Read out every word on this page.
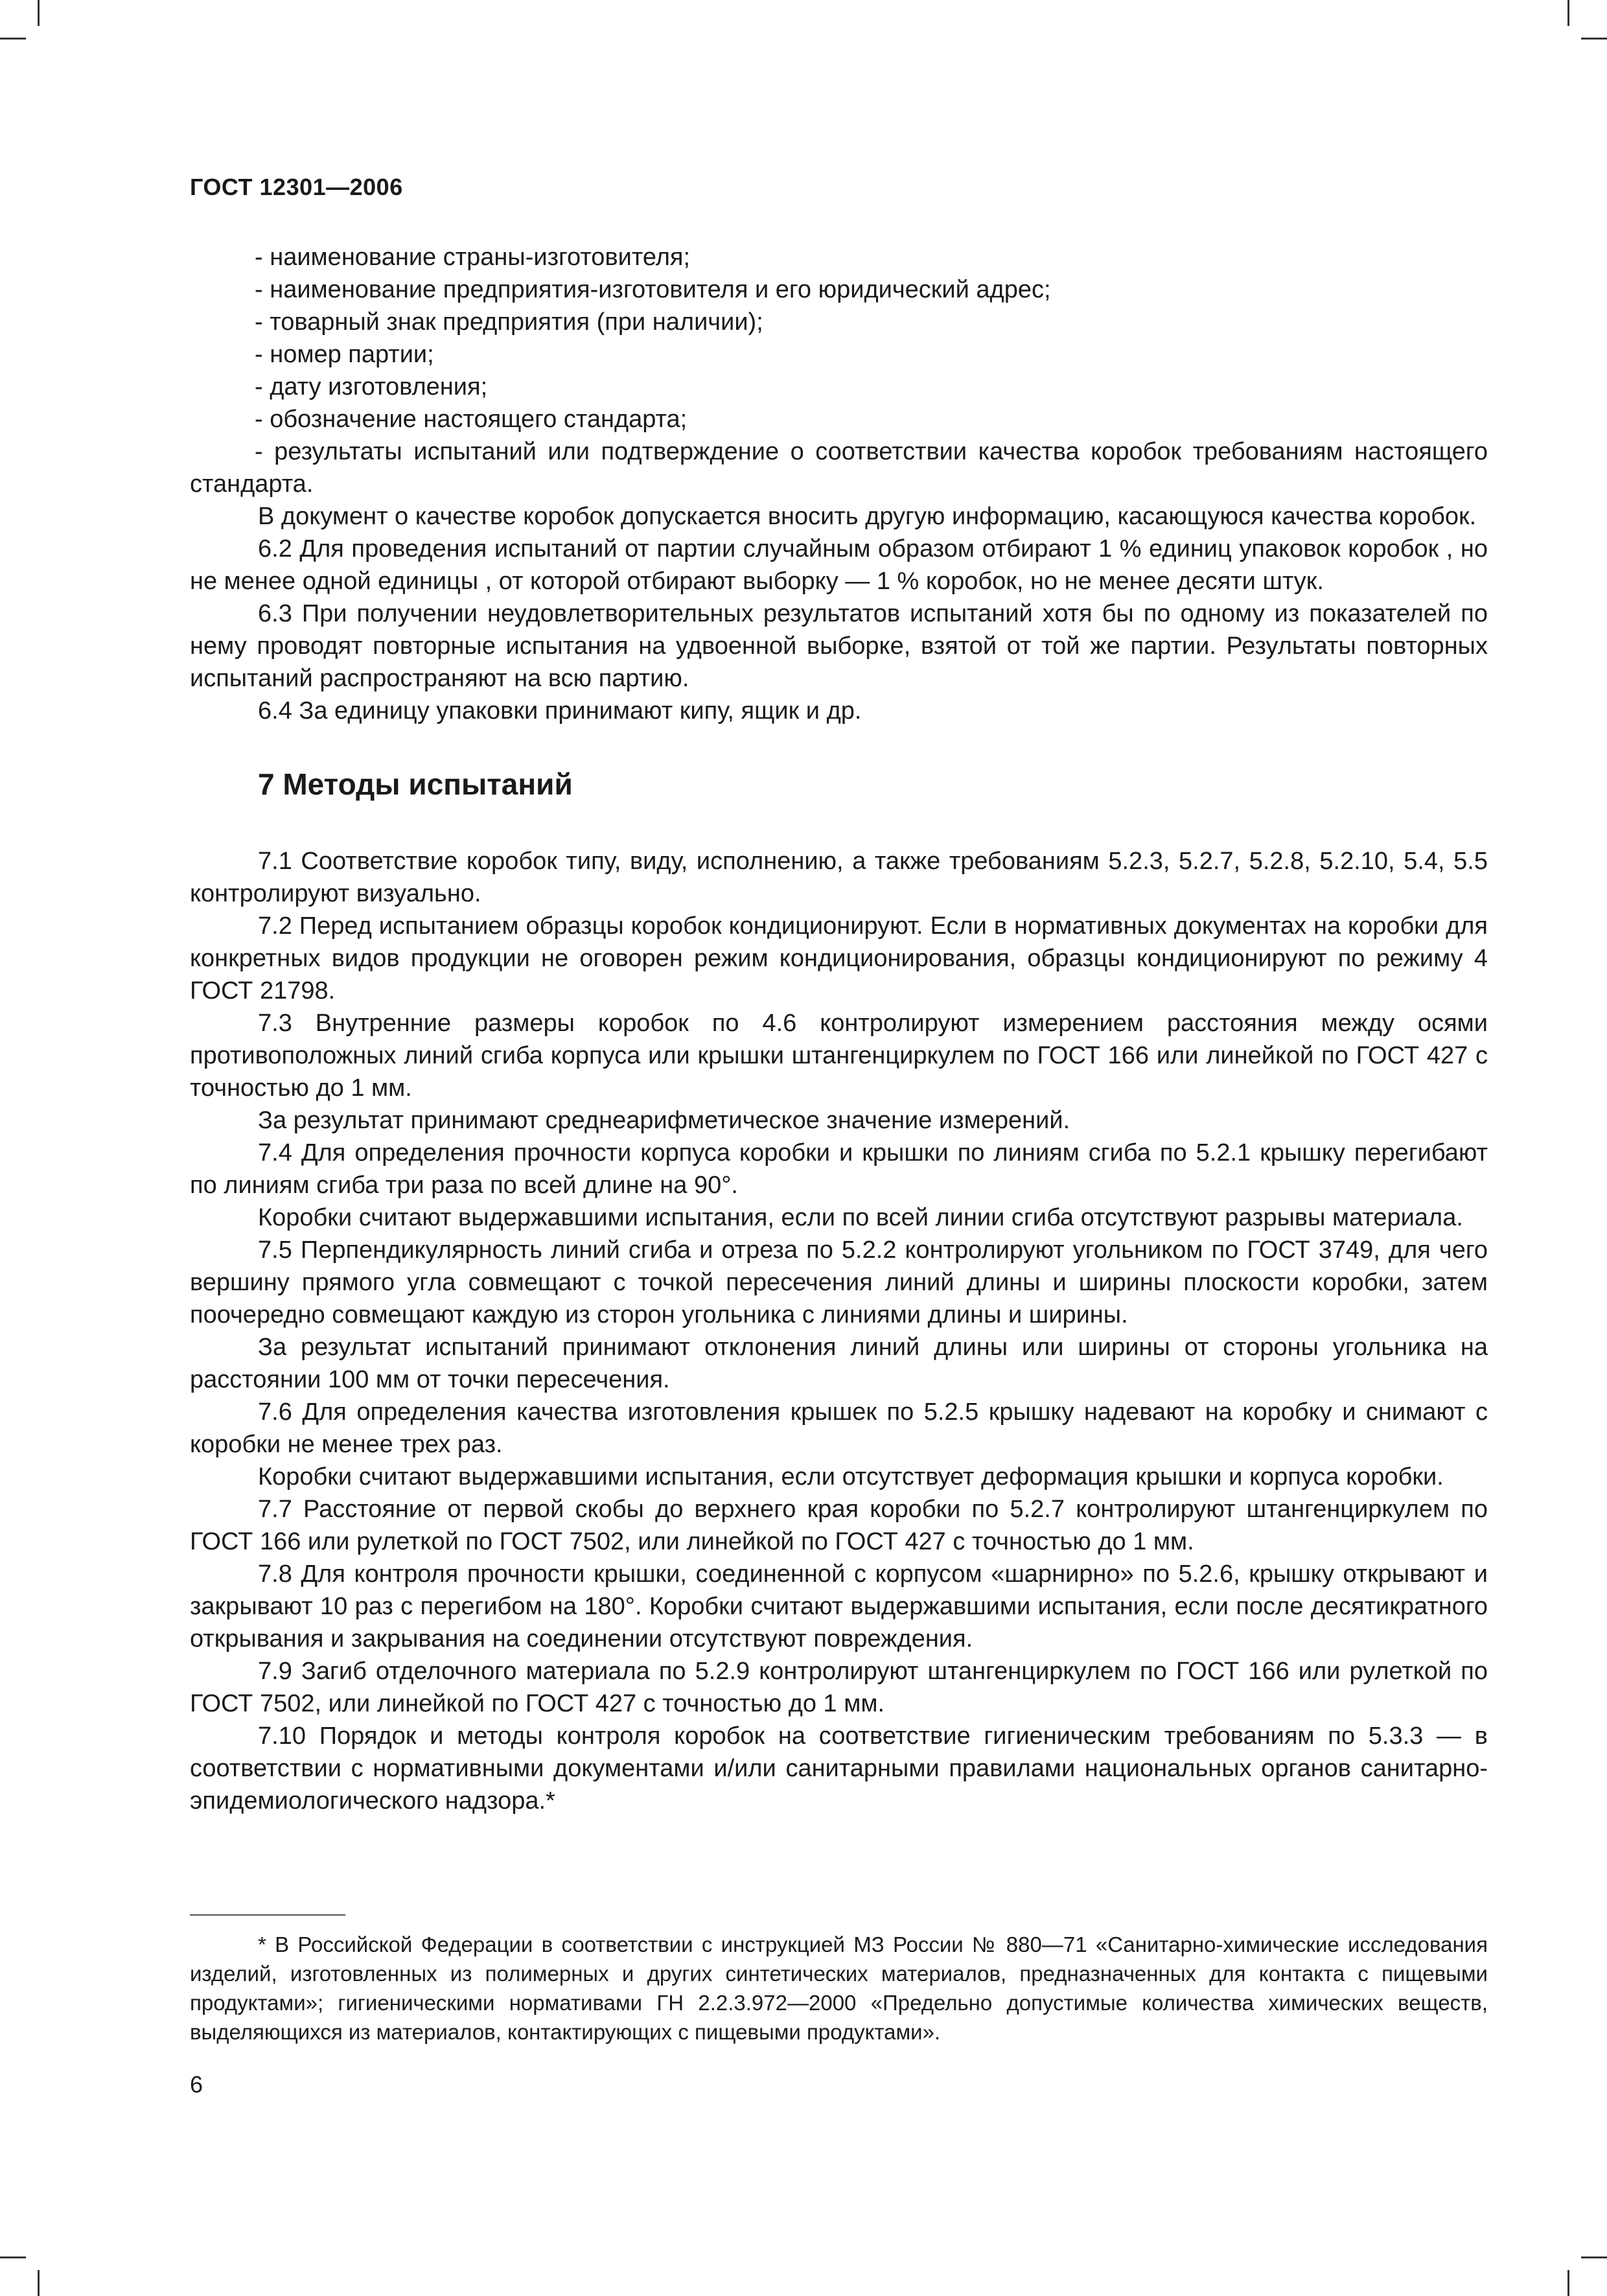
ГОСТ 12301—2006

- наименование страны-изготовителя;

- наименование предприятия-изготовителя и его юридический адрес;

- товарный знак предприятия (при наличии);

- номер партии;

- дату изготовления;

- обозначение настоящего стандарта;

- результаты испытаний или подтверждение о соответствии качества коробок требованиям настоящего стандарта.

В документ о качестве коробок допускается вносить другую информацию, касающуюся качества коробок.

6.2 Для проведения испытаний от партии случайным образом отбирают 1 % единиц упаковок коробок , но не менее одной единицы , от которой отбирают выборку — 1 % коробок, но не менее десяти штук.

6.3 При получении неудовлетворительных результатов испытаний хотя бы по одному из показателей по нему проводят повторные испытания на удвоенной выборке, взятой от той же партии. Результаты повторных испытаний распространяют на всю партию.

6.4 За единицу упаковки принимают кипу, ящик и др.

7 Методы испытаний

7.1 Соответствие коробок типу, виду, исполнению, а также требованиям 5.2.3, 5.2.7, 5.2.8, 5.2.10, 5.4, 5.5 контролируют визуально.

7.2 Перед испытанием образцы коробок кондиционируют. Если в нормативных документах на коробки для конкретных видов продукции не оговорен режим кондиционирования, образцы кондиционируют по режиму 4 ГОСТ 21798.

7.3 Внутренние размеры коробок по 4.6 контролируют измерением расстояния между осями противоположных линий сгиба корпуса или крышки штангенциркулем по ГОСТ 166 или линейкой по ГОСТ 427 с точностью до 1 мм.

За результат принимают среднеарифметическое значение измерений.

7.4 Для определения прочности корпуса коробки и крышки по линиям сгиба по 5.2.1 крышку перегибают по линиям сгиба три раза по всей длине на 90°.

Коробки считают выдержавшими испытания, если по всей линии сгиба отсутствуют разрывы материала.

7.5 Перпендикулярность линий сгиба и отреза по 5.2.2 контролируют угольником по ГОСТ 3749, для чего вершину прямого угла совмещают с точкой пересечения линий длины и ширины плоскости коробки, затем поочередно совмещают каждую из сторон угольника с линиями длины и ширины.

За результат испытаний принимают отклонения линий длины или ширины от стороны угольника на расстоянии 100 мм от точки пересечения.

7.6 Для определения качества изготовления крышек по 5.2.5 крышку надевают на коробку и снимают с коробки не менее трех раз.

Коробки считают выдержавшими испытания, если отсутствует деформация крышки и корпуса коробки.

7.7 Расстояние от первой скобы до верхнего края коробки по 5.2.7 контролируют штангенциркулем по ГОСТ 166 или рулеткой по ГОСТ 7502, или линейкой по ГОСТ 427 с точностью до 1 мм.

7.8 Для контроля прочности крышки, соединенной с корпусом «шарнирно» по 5.2.6, крышку открывают и закрывают 10 раз с перегибом на 180°. Коробки считают выдержавшими испытания, если после десятикратного открывания и закрывания на соединении отсутствуют повреждения.

7.9 Загиб отделочного материала по 5.2.9 контролируют штангенциркулем по ГОСТ 166 или рулеткой по ГОСТ 7502, или линейкой по ГОСТ 427 с точностью до 1 мм.

7.10 Порядок и методы контроля коробок на соответствие гигиеническим требованиям по 5.3.3 — в соответствии с нормативными документами и/или санитарными правилами национальных органов санитарно-эпидемиологического надзора.*

* В Российской Федерации в соответствии с инструкцией МЗ России № 880—71 «Санитарно-химические исследования изделий, изготовленных из полимерных и других синтетических материалов, предназначенных для контакта с пищевыми продуктами»; гигиеническими нормативами ГН 2.2.3.972—2000 «Предельно допустимые количества химических веществ, выделяющихся из материалов, контактирующих с пищевыми продуктами».

6
